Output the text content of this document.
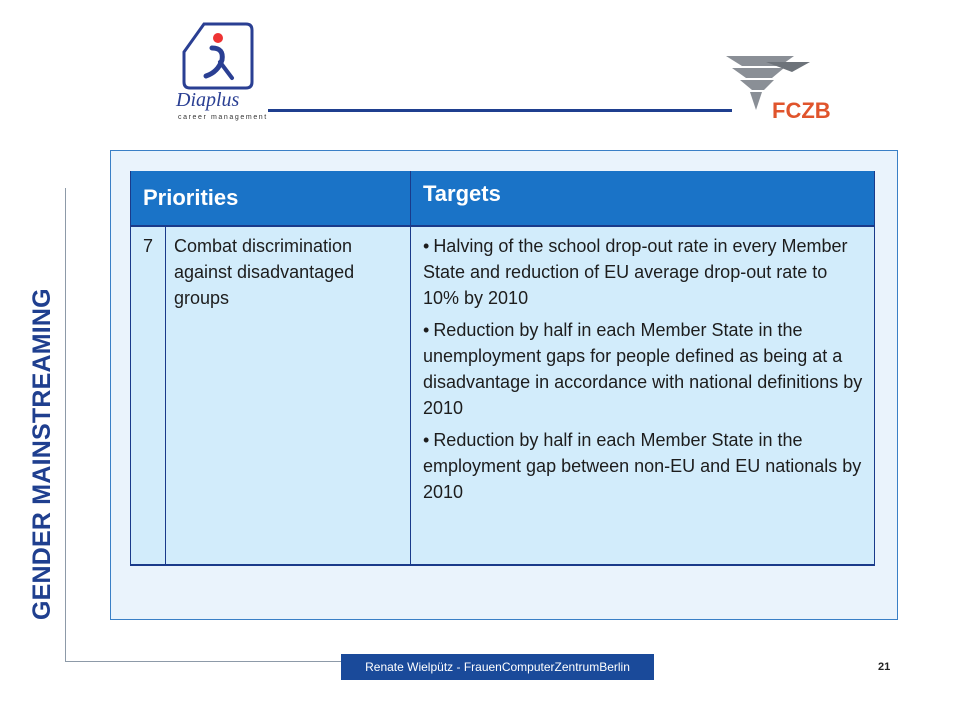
Diaplus
career management	FCZB
GENDER MAINSTREAMING
Priorities		Targets
7	Combat discrimination against disadvantaged groups	• Halving of the school drop-out rate in every Member State and reduction of EU average drop-out rate to 10% by 2010
• Reduction by half in each Member State in the unemployment gaps for people defined as being at a disadvantage in accordance with national definitions by 2010
• Reduction by half in each Member State in the employment gap between non-EU and EU nationals by 2010
Renate Wielpütz - FrauenComputerZentrumBerlin	21
